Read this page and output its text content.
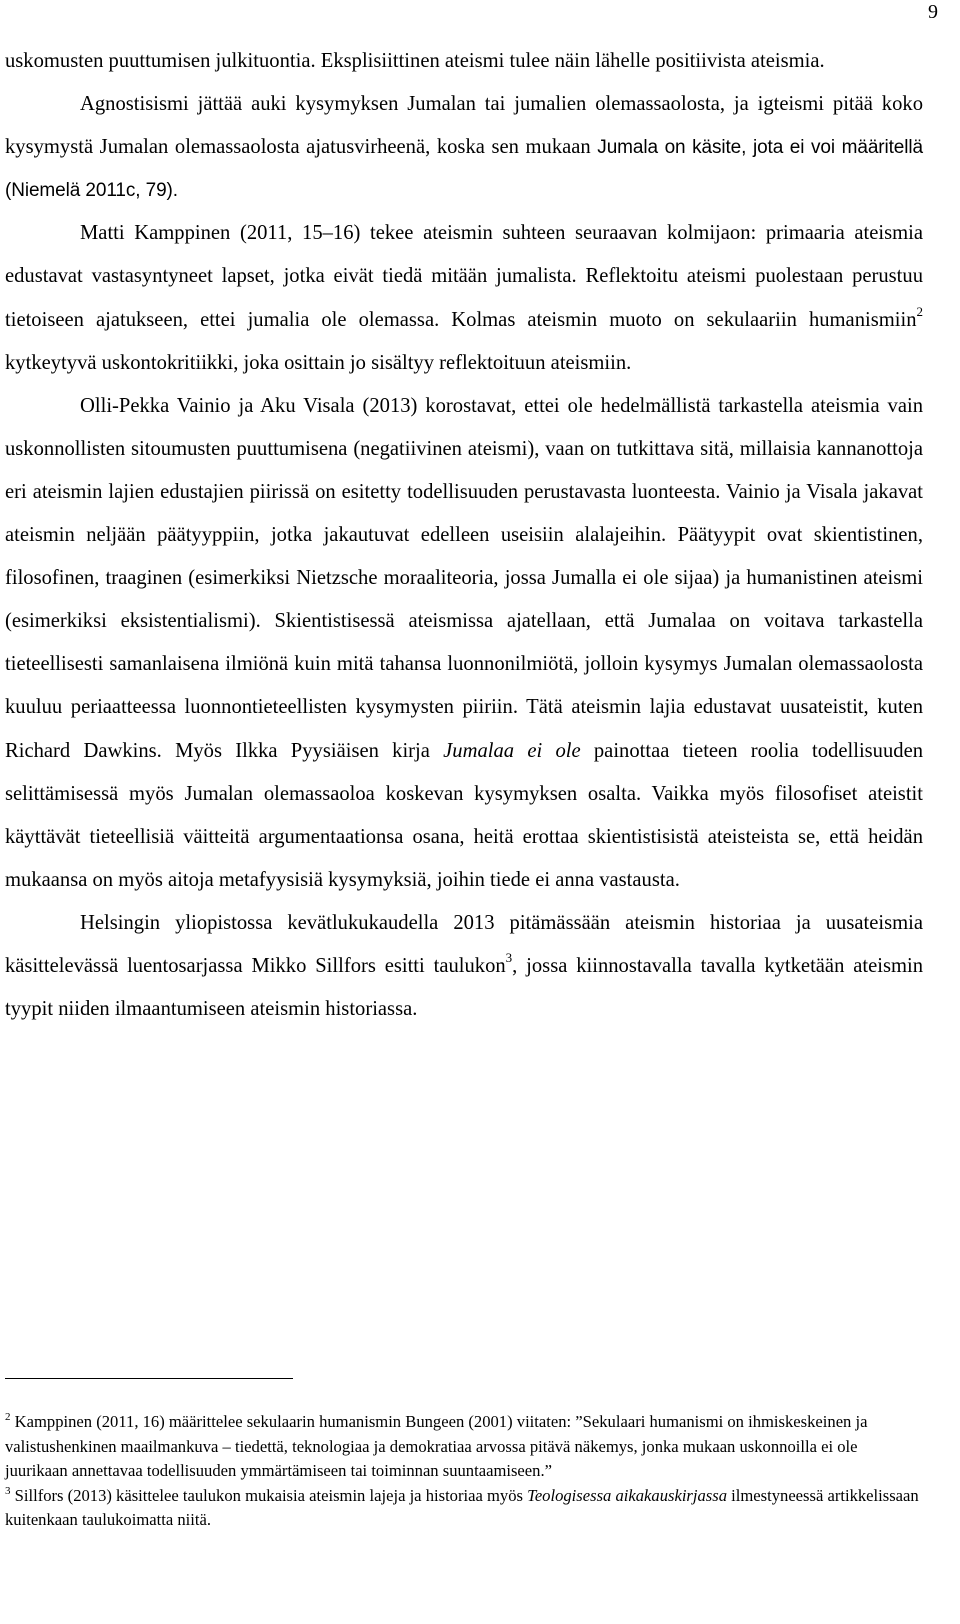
9

uskomusten puuttumisen julkituontia. Eksplisiittinen ateismi tulee näin lähelle positiivista ateismia.

Agnostisismi jättää auki kysymyksen Jumalan tai jumalien olemassaolosta, ja igteismi pitää koko kysymystä Jumalan olemassaolosta ajatusvirheenä, koska sen mukaan Jumala on käsite, jota ei voi määritellä (Niemelä 2011c, 79).

Matti Kamppinen (2011, 15–16) tekee ateismin suhteen seuraavan kolmijaon: primaaria ateismia edustavat vastasyntyneet lapset, jotka eivät tiedä mitään jumalista. Reflektoitu ateismi puolestaan perustuu tietoiseen ajatukseen, ettei jumalia ole olemassa. Kolmas ateismin muoto on sekulaariin humanismiin$^2$ kytkeytyvä uskontokritiikki, joka osittain jo sisältyy reflektoituun ateismiin.

Olli-Pekka Vainio ja Aku Visala (2013) korostavat, ettei ole hedelmällistä tarkastella ateismia vain uskonnollisten sitoumusten puuttumisena (negatiivinen ateismi), vaan on tutkittava sitä, millaisia kannanottoja eri ateismin lajien edustajien piirissä on esitetty todellisuuden perustavasta luonteesta. Vainio ja Visala jakavat ateismin neljään päätyyppiin, jotka jakautuvat edelleen useisiin alalajeihin. Päätyypit ovat skientistinen, filosofinen, traaginen (esimerkiksi Nietzsche moraaliteoria, jossa Jumalla ei ole sijaa) ja humanistinen ateismi (esimerkiksi eksistentialismi). Skientistisessä ateismissa ajatellaan, että Jumalaa on voitava tarkastella tieteellisesti samanlaisena ilmiönä kuin mitä tahansa luonnonilmiötä, jolloin kysymys Jumalan olemassaolosta kuuluu periaatteessa luonnontieteellisten kysymysten piiriin. Tätä ateismin lajia edustavat uusateistit, kuten Richard Dawkins. Myös Ilkka Pyysiäisen kirja Jumalaa ei ole painottaa tieteen roolia todellisuuden selittämisessä myös Jumalan olemassaoloa koskevan kysymyksen osalta. Vaikka myös filosofiset ateistit käyttävät tieteellisiä väitteitä argumentaationsa osana, heitä erottaa skientistisistä ateisteista se, että heidän mukaansa on myös aitoja metafyysisiä kysymyksiä, joihin tiede ei anna vastausta.

Helsingin yliopistossa kevätlukukaudella 2013 pitämässään ateismin historiaa ja uusateismia käsittelevässä luentosarjassa Mikko Sillfors esitti taulukon$^3$, jossa kiinnostavalla tavalla kytketään ateismin tyypit niiden ilmaantumiseen ateismin historiassa.

$^2$ Kamppinen (2011, 16) määrittelee sekulaarin humanismin Bungeen (2001) viitaten: ”Sekulaari humanismi on ihmiskeskeinen ja valistushenkinen maailmankuva – tiedettä, teknologiaa ja demokratiaa arvossa pitävä näkemys, jonka mukaan uskonnoilla ei ole juurikaan annettavaa todellisuuden ymmärtämiseen tai toiminnan suuntaamiseen.”

$^3$ Sillfors (2013) käsittelee taulukon mukaisia ateismin lajeja ja historiaa myös Teologisessa aikakauskirjassa ilmestyneessä artikkelissaan kuitenkaan taulukoimatta niitä.
